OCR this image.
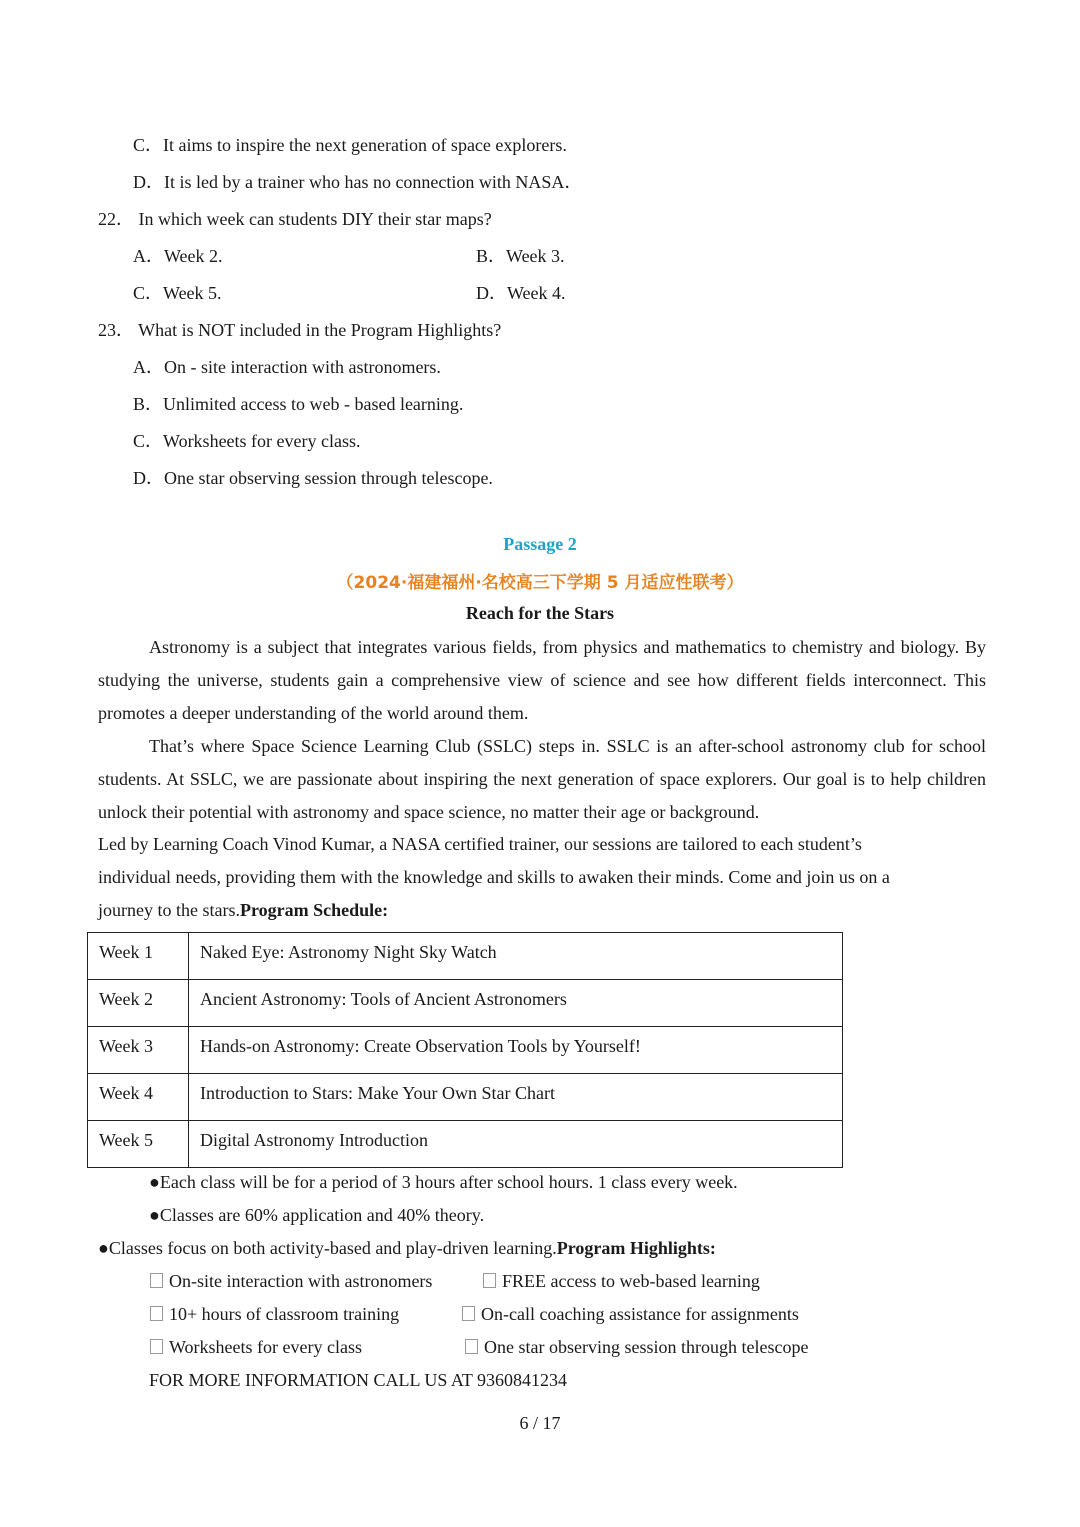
C．It aims to inspire the next generation of space explorers.
D．It is led by a trainer who has no connection with NASA．
22． In which week can students DIY their star maps?
A．Week 2.	B．Week 3.
C．Week 5.	D．Week 4.
23． What is NOT included in the Program Highlights?
A．On - site interaction with astronomers.
B．Unlimited access to web - based learning.
C．Worksheets for every class.
D．One star observing session through telescope.
Passage 2
（2024·福建福州·名校高三下学期 5 月适应性联考）
Reach for the Stars
Astronomy is a subject that integrates various fields, from physics and mathematics to chemistry and biology. By studying the universe, students gain a comprehensive view of science and see how different fields interconnect. This promotes a deeper understanding of the world around them.
That’s where Space Science Learning Club (SSLC) steps in. SSLC is an after-school astronomy club for school students. At SSLC, we are passionate about inspiring the next generation of space explorers. Our goal is to help children unlock their potential with astronomy and space science, no matter their age or background.
Led by Learning Coach Vinod Kumar, a NASA certified trainer, our sessions are tailored to each student’s
individual needs, providing them with the knowledge and skills to awaken their minds. Come and join us on a
journey to the stars.Program Schedule:
Week 1	Naked Eye: Astronomy Night Sky Watch
Week 2	Ancient Astronomy: Tools of Ancient Astronomers
Week 3	Hands-on Astronomy: Create Observation Tools by Yourself!
Week 4	Introduction to Stars: Make Your Own Star Chart
Week 5	Digital Astronomy Introduction
●Each class will be for a period of 3 hours after school hours. 1 class every week.
●Classes are 60% application and 40% theory.
●Classes focus on both activity-based and play-driven learning.Program Highlights:
On-site interaction with astronomers	FREE access to web-based learning
10+ hours of classroom training	On-call coaching assistance for assignments
Worksheets for every class	One star observing session through telescope
FOR MORE INFORMATION CALL US AT 9360841234
6 / 17
